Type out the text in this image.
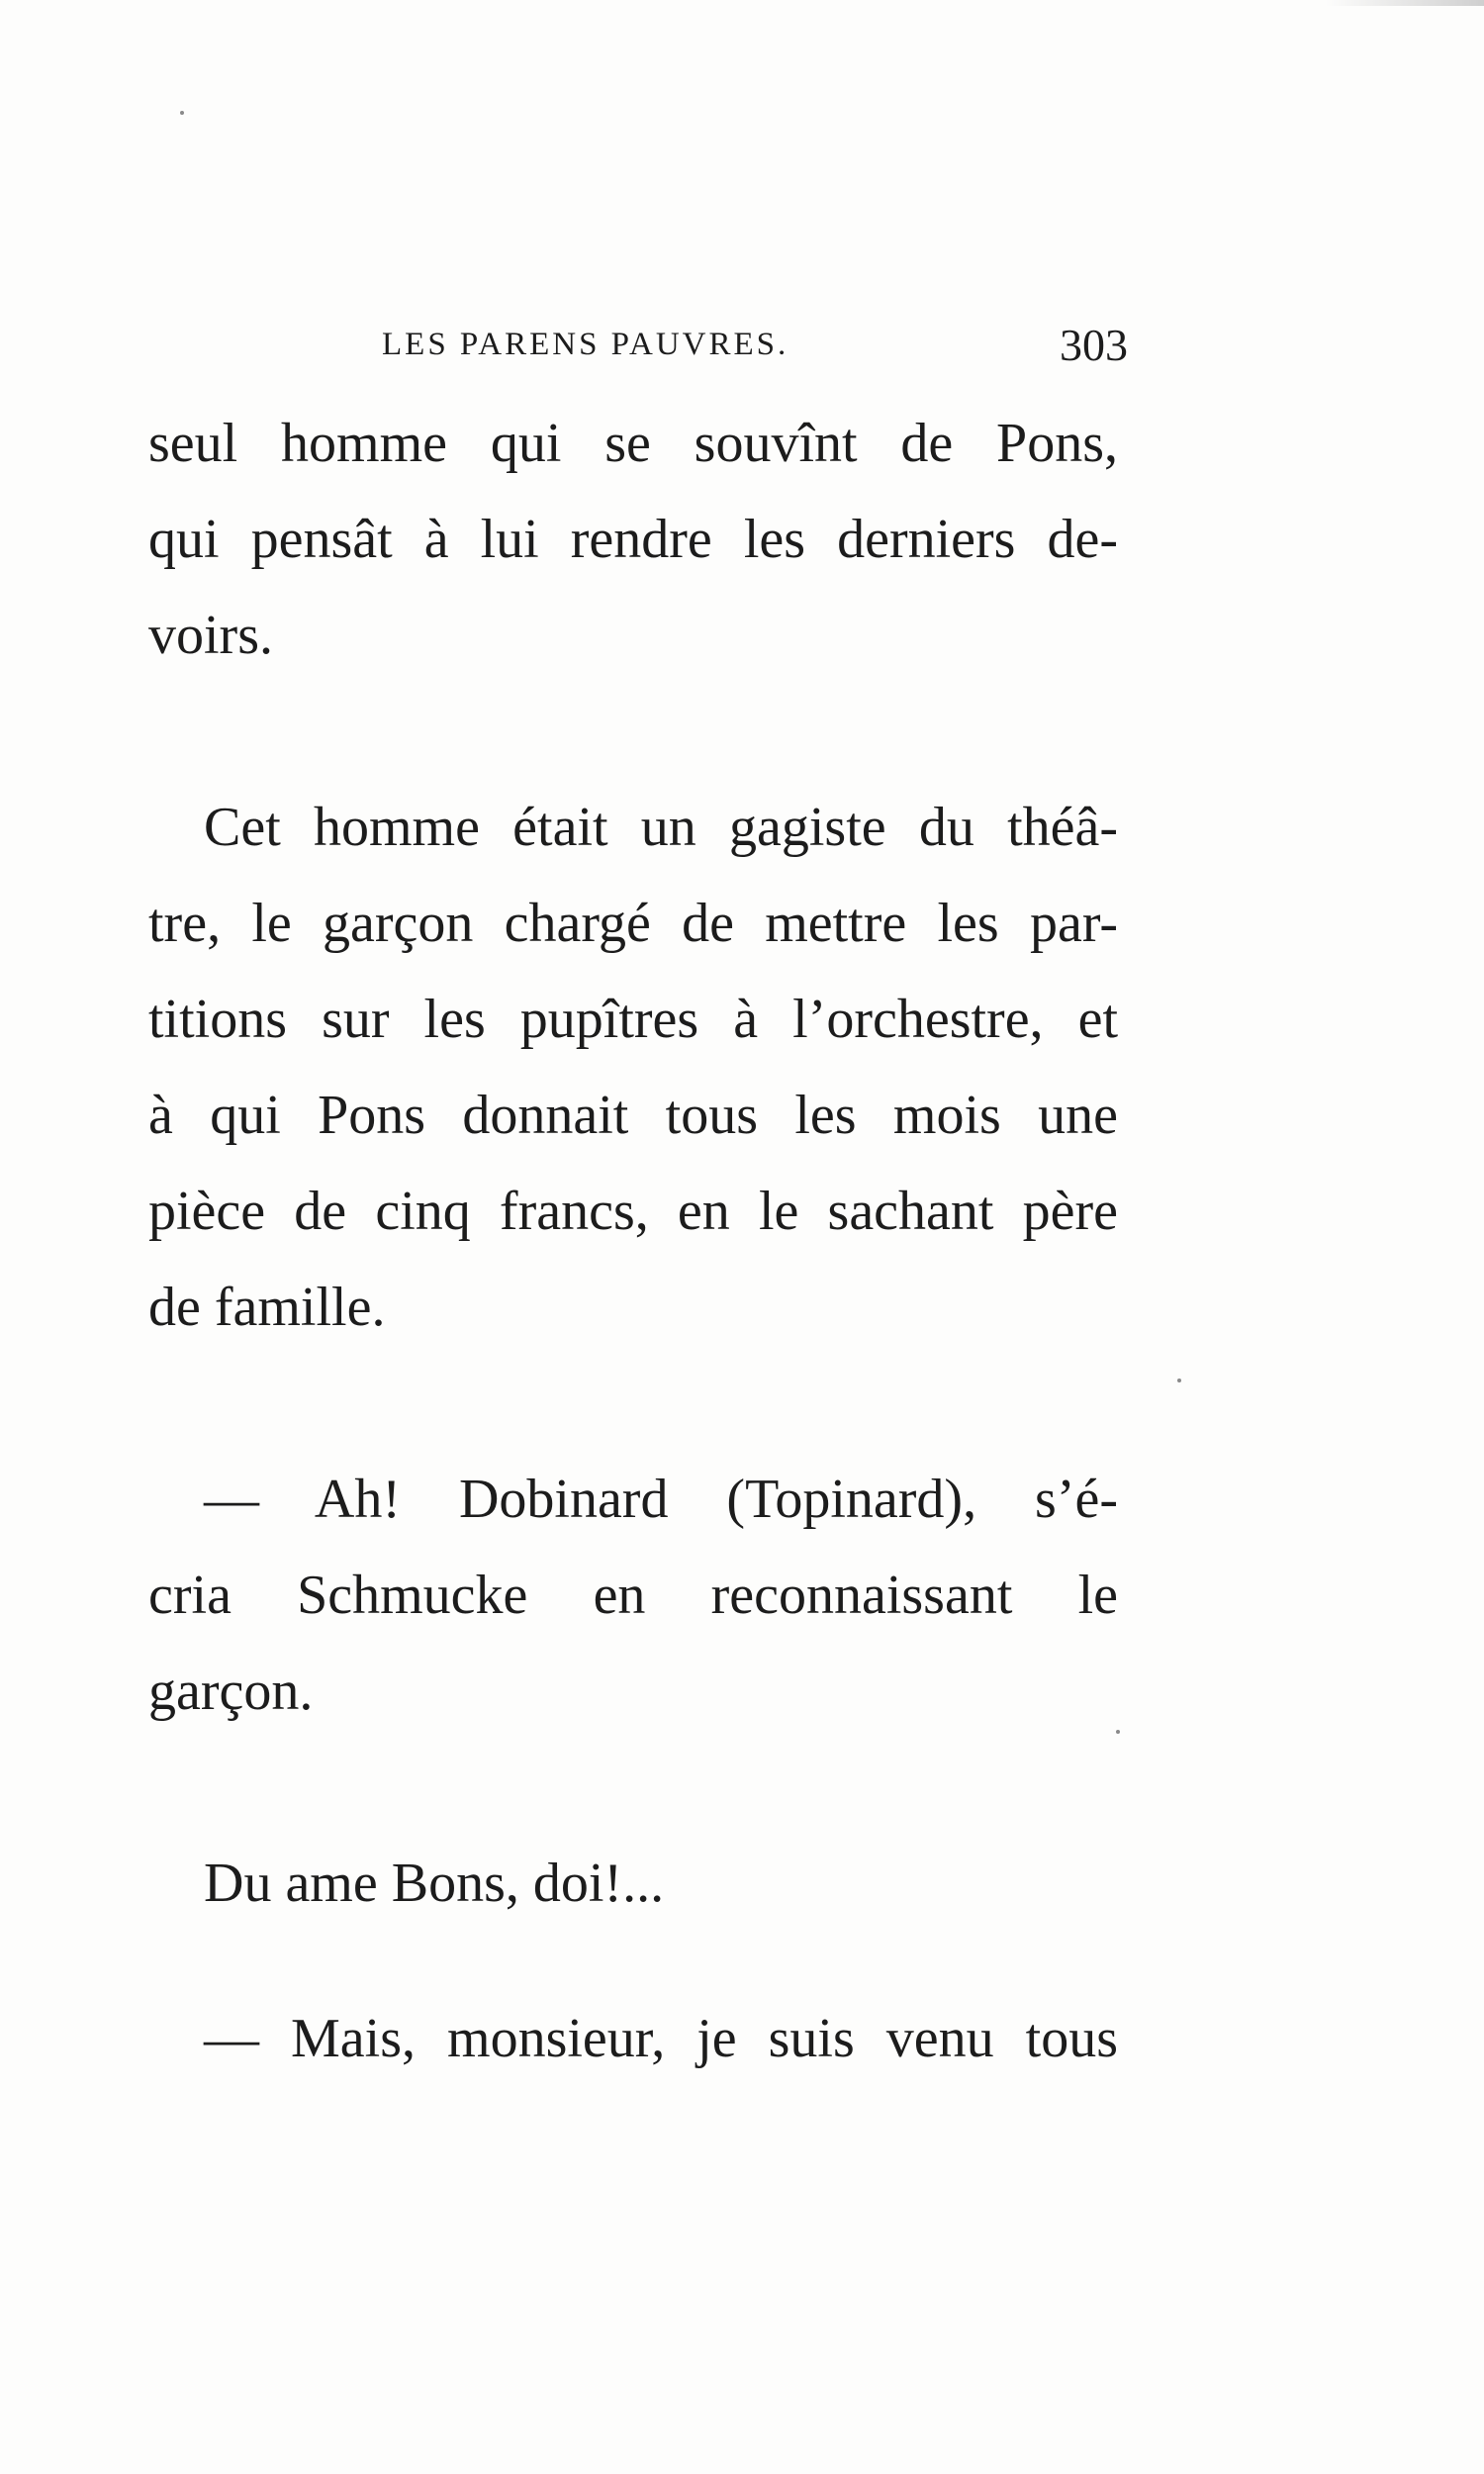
LES PARENS PAUVRES.	303
seul homme qui se souvînt de Pons,
qui pensât à lui rendre les derniers de-
voirs.
Cet homme était un gagiste du théâ-
tre, le garçon chargé de mettre les par-
titions sur les pupîtres à l’orchestre, et
à qui Pons donnait tous les mois une
pièce de cinq francs, en le sachant père
de famille.
— Ah! Dobinard (Topinard), s’é-
cria Schmucke en reconnaissant le
garçon.
Du ame Bons, doi!...
— Mais, monsieur, je suis venu tous
